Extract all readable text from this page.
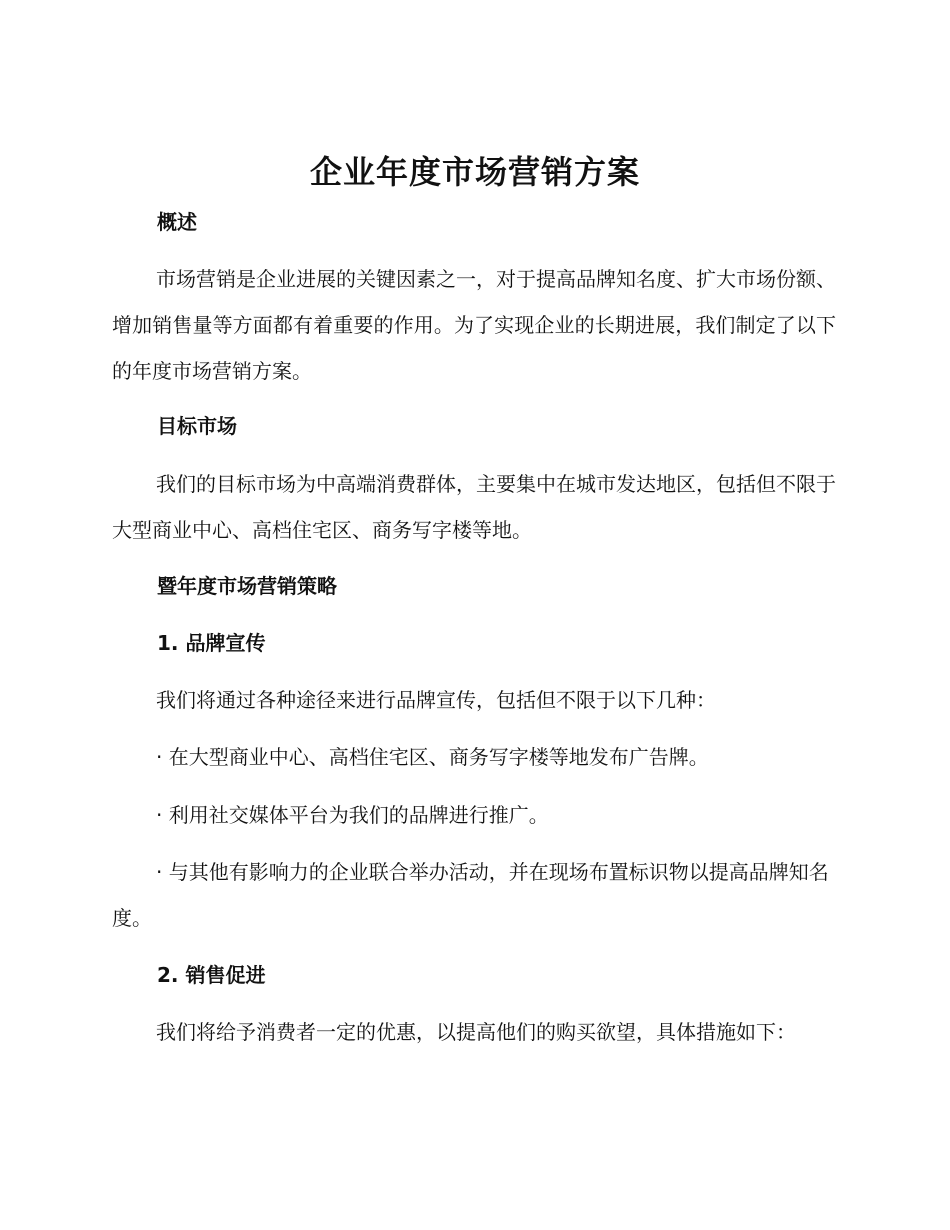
企业年度市场营销方案
概述

市场营销是企业进展的关键因素之一，对于提高品牌知名度、扩大市场份额、增加销售量等方面都有着重要的作用。为了实现企业的长期进展，我们制定了以下的年度市场营销方案。

目标市场

我们的目标市场为中高端消费群体，主要集中在城市发达地区，包括但不限于大型商业中心、高档住宅区、商务写字楼等地。

暨年度市场营销策略
1. 品牌宣传

我们将通过各种途径来进行品牌宣传，包括但不限于以下几种：

· 在大型商业中心、高档住宅区、商务写字楼等地发布广告牌。

· 利用社交媒体平台为我们的品牌进行推广。

· 与其他有影响力的企业联合举办活动，并在现场布置标识物以提高品牌知名度。

2. 销售促进

我们将给予消费者一定的优惠，以提高他们的购买欲望，具体措施如下：
